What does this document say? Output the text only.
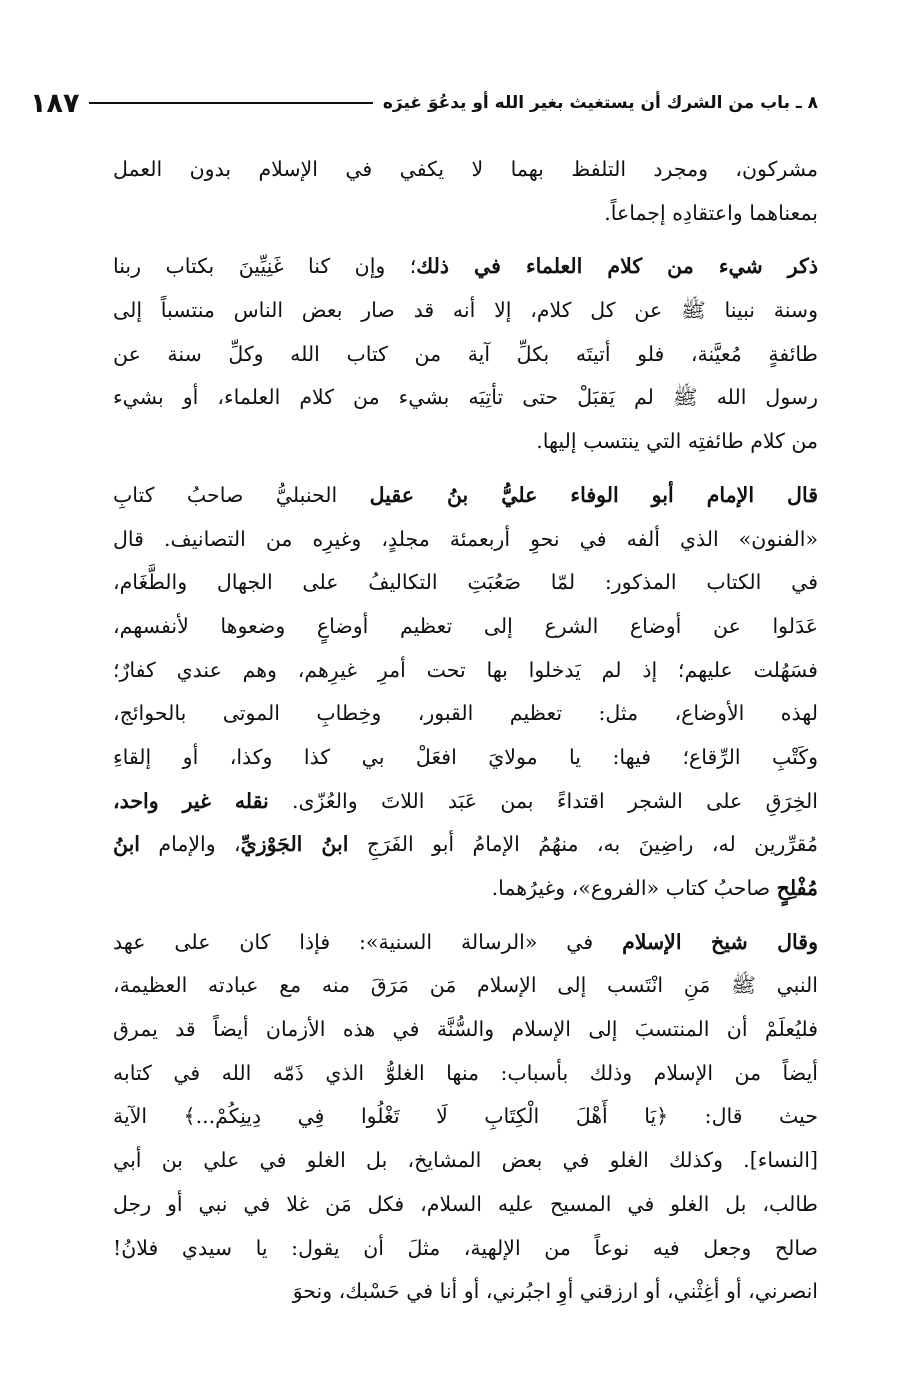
٨ ـ باب من الشرك أن يستغيث بغير الله أو يدعُوَ غيرَه
١٨٧
مشركون، ومجرد التلفظ بهما لا يكفي في الإسلام بدون العمل
بمعناهما واعتقادِه إجماعاً.
ذكر شيء من كلام العلماء في ذلك؛ وإن كنا غَنِيِّينَ بكتاب ربنا
وسنة نبينا ﷺ عن كل كلام، إلا أنه قد صار بعض الناس منتسباً إلى
طائفةٍ مُعيَّنة، فلو أتيتَه بكلِّ آية من كتاب الله وكلِّ سنة عن
رسول الله ﷺ لم يَقبَلْ حتى تأتِيَه بشيء من كلام العلماء، أو بشيء
من كلام طائفتِه التي ينتسب إليها.
قال الإمام أبو الوفاء عليُّ بنُ عقيل الحنبليُّ صاحبُ كتابِ
«الفنون» الذي ألفه في نحوِ أربعمئة مجلدٍ، وغيرِه من التصانيف. قال
في الكتاب المذكور: لمّا صَعُبَتِ التكاليفُ على الجهال والطَّغَام،
عَدَلوا عن أوضاع الشرع إلى تعظيم أوضاعٍ وضعوها لأنفسهم،
فسَهُلت عليهم؛ إذ لم يَدخلوا بها تحت أمرِ غيرِهم، وهم عندي كفارٌ؛
لهذه الأوضاع، مثل: تعظيم القبور، وخِطابِ الموتى بالحوائج،
وكَتْبِ الرِّقاع؛ فيها: يا مولايَ افعَلْ بي كذا وكذا، أو إلقاءِ
الخِرَقِ على الشجر اقتداءً بمن عَبَد اللاتَ والعُزّى. نقله غير واحد،
مُقرِّرين له، راضِينَ به، منهُمُ الإمامُ أبو الفَرَجِ ابنُ الجَوْزيِّ، والإمام ابنُ
مُفْلِحٍ صاحبُ كتاب «الفروع»، وغيرُهما.
وقال شيخ الإسلام في «الرسالة السنية»: فإذا كان على عهد
النبي ﷺ مَنِ انْتَسب إلى الإسلام مَن مَرَقَ منه مع عبادته العظيمة،
فليُعلَمْ أن المنتسبَ إلى الإسلام والسُّنَّة في هذه الأزمان أيضاً قد يمرق
أيضاً من الإسلام وذلك بأسباب: منها الغلوُّ الذي ذَمّه الله في كتابه
حيث قال: ﴿يَا أَهْلَ الْكِتَابِ لَا تَغْلُوا فِي دِينِكُمْ...﴾ الآية
[النساء]. وكذلك الغلو في بعض المشايخ، بل الغلو في علي بن أبي
طالب، بل الغلو في المسيح عليه السلام، فكل مَن غلا في نبي أو رجل
صالح وجعل فيه نوعاً من الإلهية، مثلَ أن يقول: يا سيدي فلانُ!
انصرني، أو أغِثْني، أو ارزقني أوِ اجبُرني، أو أنا في حَسْبك، ونحوَ
